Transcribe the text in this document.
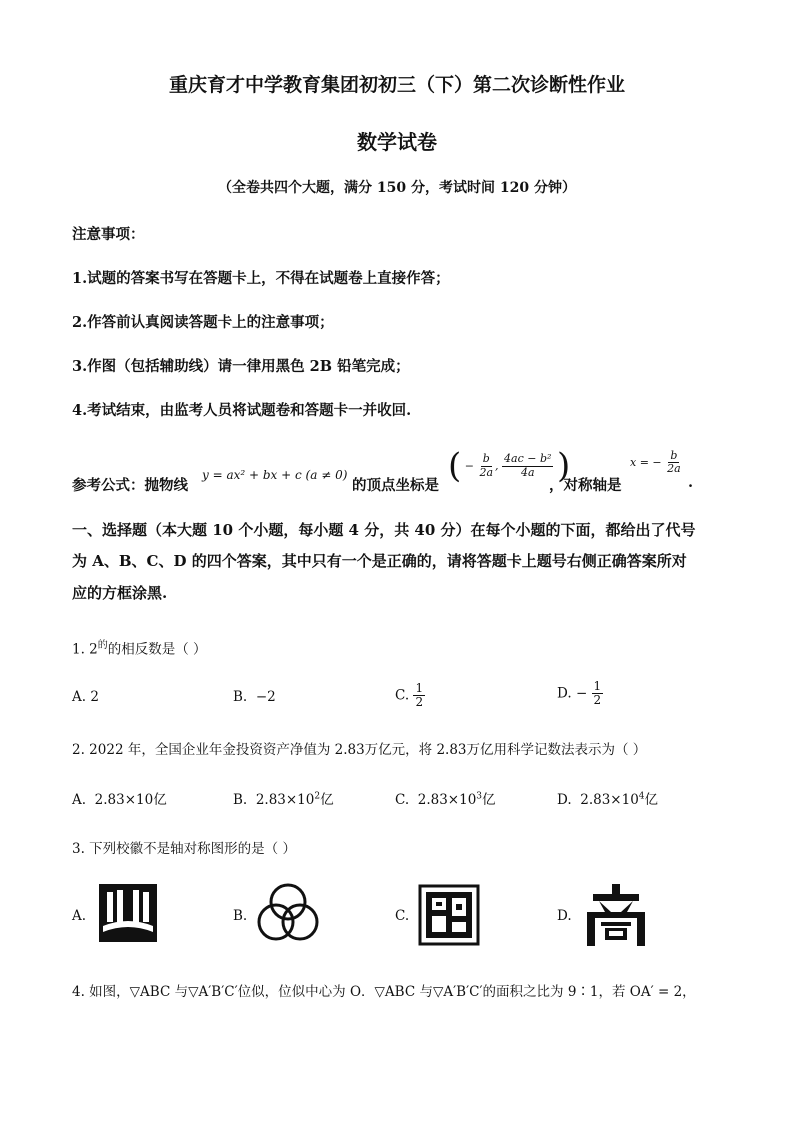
重庆育才中学教育集团初初三（下）第二次诊断性作业
数学试卷
（全卷共四个大题，满分 150 分，考试时间 120 分钟）
注意事项：
1.试题的答案书写在答题卡上，不得在试题卷上直接作答；
2.作答前认真阅读答题卡上的注意事项；
3.作图（包括辅助线）请一律用黑色 2B 铅笔完成；
4.考试结束，由监考人员将试题卷和答题卡一并收回.
参考公式：抛物线
y = ax² + bx + c (a ≠ 0)
的顶点坐标是 ( − $\frac{b}{2a}$ , $\frac{\text{4ac − b²}}{4a}$ )
，对称轴是
x = − $\frac{b}{2a}$
.
一、选择题（本大题 10 个小题，每小题 4 分，共 40 分）在每个小题的下面，都给出了代号
为 A、B、C、D 的四个答案，其中只有一个是正确的，请将答题卡上题号右侧正确答案所对
应的方框涂黑.
1. $2^的$的相反数是（ ）
A. 2	B. −2	C. $\frac{1}{2}$	D. − $\frac{1}{2}$
2. 2022 年，全国企业年金投资资产净值为 2.83万亿元，将 2.83万亿用科学记数法表示为（ ）
A. 2.83×10亿	B. $2.83\times 10^2$亿	C. $2.83\times 10^3$亿	D. $2.83\times 10^4$亿
3. 下列校徽不是轴对称图形的是（ ）
A.	B.	C.	D.
4. 如图，▽ABC 与▽A′B′C′位似，位似中心为 O．▽ABC 与▽A′B′C′的面积之比为 9∶1，若 OA′ = 2，
